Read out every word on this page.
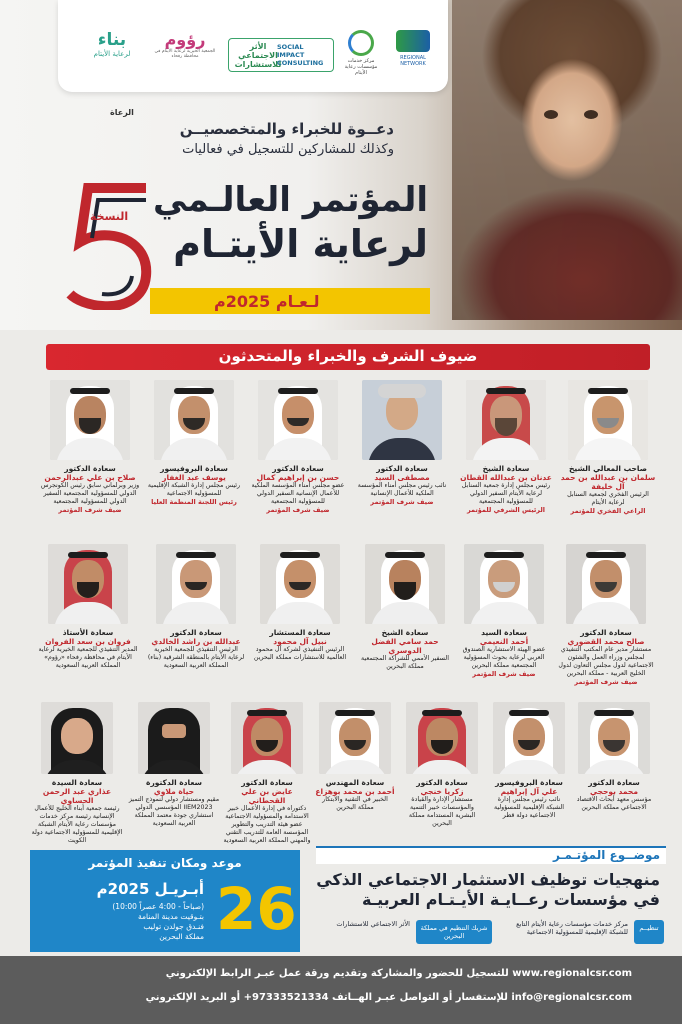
REGIONAL NETWORK
مركز خدمات مؤسسات رعاية الأيتام
الأثر الاجتماعي للاستشارات
SOCIAL IMPACT CONSULTING
رؤوم
الجمعية الخيرية لرعاية الأيتام في محافظة رفحاء
بناء
لرعاية الأيتام
الرعاة
دعــوة للخبراء والمتخصصيــن
وكذلك للمشاركين للتسجيل في فعاليات
النسخة المؤتمر العالـمي
لرعاية الأيتـام
لـعـام 2025م
ضيوف الشرف والخبراء والمتحدثون
صاحب المعالي الشيخ
سلمان بن عبدالله بن حمد آل خليفة
الرئيس الفخري لجمعية السنابل لرعاية الأيتام
الراعي الفخري للمؤتمر
سعادة الشيخ
عدنان بن عبدالله القطان
رئيس مجلس إدارة جمعية السنابل لرعاية الأيتام السفير الدولي للمسؤولية المجتمعية
الرئيس الشرفي للمؤتمر
سعادة الدكتور
مصطفى السيد
نائب رئيس مجلس أمناء المؤسسة الملكية للأعمال الإنسانية
ضيف شرف المؤتمر
سعادة الدكتور
حسن بن إبراهيم كمال
عضو مجلس أمناء المؤسسة الملكية للأعمال الإنسانية السفير الدولي للمسؤولية المجتمعية
ضيف شرف المؤتمر
سعادة البروفيسور
يوسف عبد الغفار
رئيس مجلس إدارة الشبكة الإقليمية للمسؤولية الاجتماعية
رئيس اللجنة المنظمة العليا
سعادة الدكتور
صلاح بن علي عبدالرحمن
وزير وبرلماني سابق رئيس الكونجرس الدولي للمسؤولية المجتمعية السفير الدولي للمسؤولية المجتمعية
ضيف شرف المؤتمر
سعادة الدكتور
صالح محمد القضوري
مستشار مدير عام المكتب التنفيذي لمجلس وزراء العمل والشئون الاجتماعية لدول مجلس التعاون لدول الخليج العربية - مملكة البحرين
ضيف شرف المؤتمر
سعادة السيد
أحمد النعيمي
عضو الهيئة الاستشارية الصندوق العربي لرعاية بحوث المسؤولية المجتمعية مملكة البحرين
ضيف شرف المؤتمر
سعادة الشيخ
حمد سامي الفضل الدوسري
السفير الأممي للشراكة المجتمعية مملكة البحرين
سعادة المستشار
نبيل آل محمود
الرئيس التنفيذي لشركة آل محمود العالمية للاستشارات مملكة البحرين
سعادة الدكتور
عبدالله بن راشد الخالدي
الرئيس التنفيذي للجمعية الخيرية لرعاية الأيتام بالمنطقة الشرقية (بناء) المملكة العربية السعودية
سعادة الأستاذ
فروان بن سعد الفروان
المدير التنفيذي للجمعية الخيرية لرعاية الأيتام في محافظة رفحاء «رؤوم» المملكة العربية السعودية
سعادة الدكتور
محمد بوحجي
مؤسس معهد أبحاث الاقتصاد الاجتماعي مملكة البحرين
سعادة البروفيسور
علي آل إبراهيم
نائب رئيس مجلس إدارة الشبكة الإقليمية للمسؤولية الاجتماعية دولة قطر
سعادة الدكتور
زكريا خنجي
مستشار الإدارة والقيادة والمؤسسات خبير التنمية البشرية المستدامة مملكة البحرين
سعادة المهندس
أحمد بن محمد بوهزاع
الخبير في التقنية والابتكار مملكة البحرين
سعادة الدكتور
عايض بن علي القحطاني
دكتوراه في إدارة الأعمال خبير الاستدامة والمسؤولية الاجتماعية عضو هيئة التدريب والتطوير المؤسسة العامة للتدريب التقني والمهني المملكة العربية السعودية
سعادة الدكتورة
حياة ملاوي
مقيم ومستشار دولي لنموذج التميز المؤسسي الدولي IIEM2023 استشاري جودة معتمد المملكة العربية السعودية
سعادة السيدة
عذاري عبد الرحمن الحساوي
رئيسة جمعية أبناء الخليج للأعمال الإنسانية رئيسة مركز خدمات مؤسسات رعاية الأيتام الشبكة الإقليمية للمسؤولية الاجتماعية دولة الكويت
موضــوع المؤتـمـر
منهجيات توظيف الاستثمار الاجتماعي الذكي
في مؤسسات رعــايـة الأيـتـام العربيـة
موعد ومكان تنفيذ المؤتمر
26
أبـريـل 2025م
(10:00 صباحاً - 4:00 عصراً)
بتـوقيت مدينة المنامة
فنـدق جولدن توليب
مملكة البحرين
تنظيــم
مركز خدمات مؤسسات رعاية الأيتام التابع للشبكة الإقليمية للمسؤولية الاجتماعية
شريك التنظيم في مملكة البحرين
الأثر الاجتماعي للاستشارات
للتسجيل للحضور والمشاركة وتقديم ورقة عمل عبـر الرابط الإلكتروني www.regionalcsr.com
للإستفسار أو التواصل عبـر الهــاتف 97333521334+ أو البريد الإلكتروني info@regionalcsr.com
